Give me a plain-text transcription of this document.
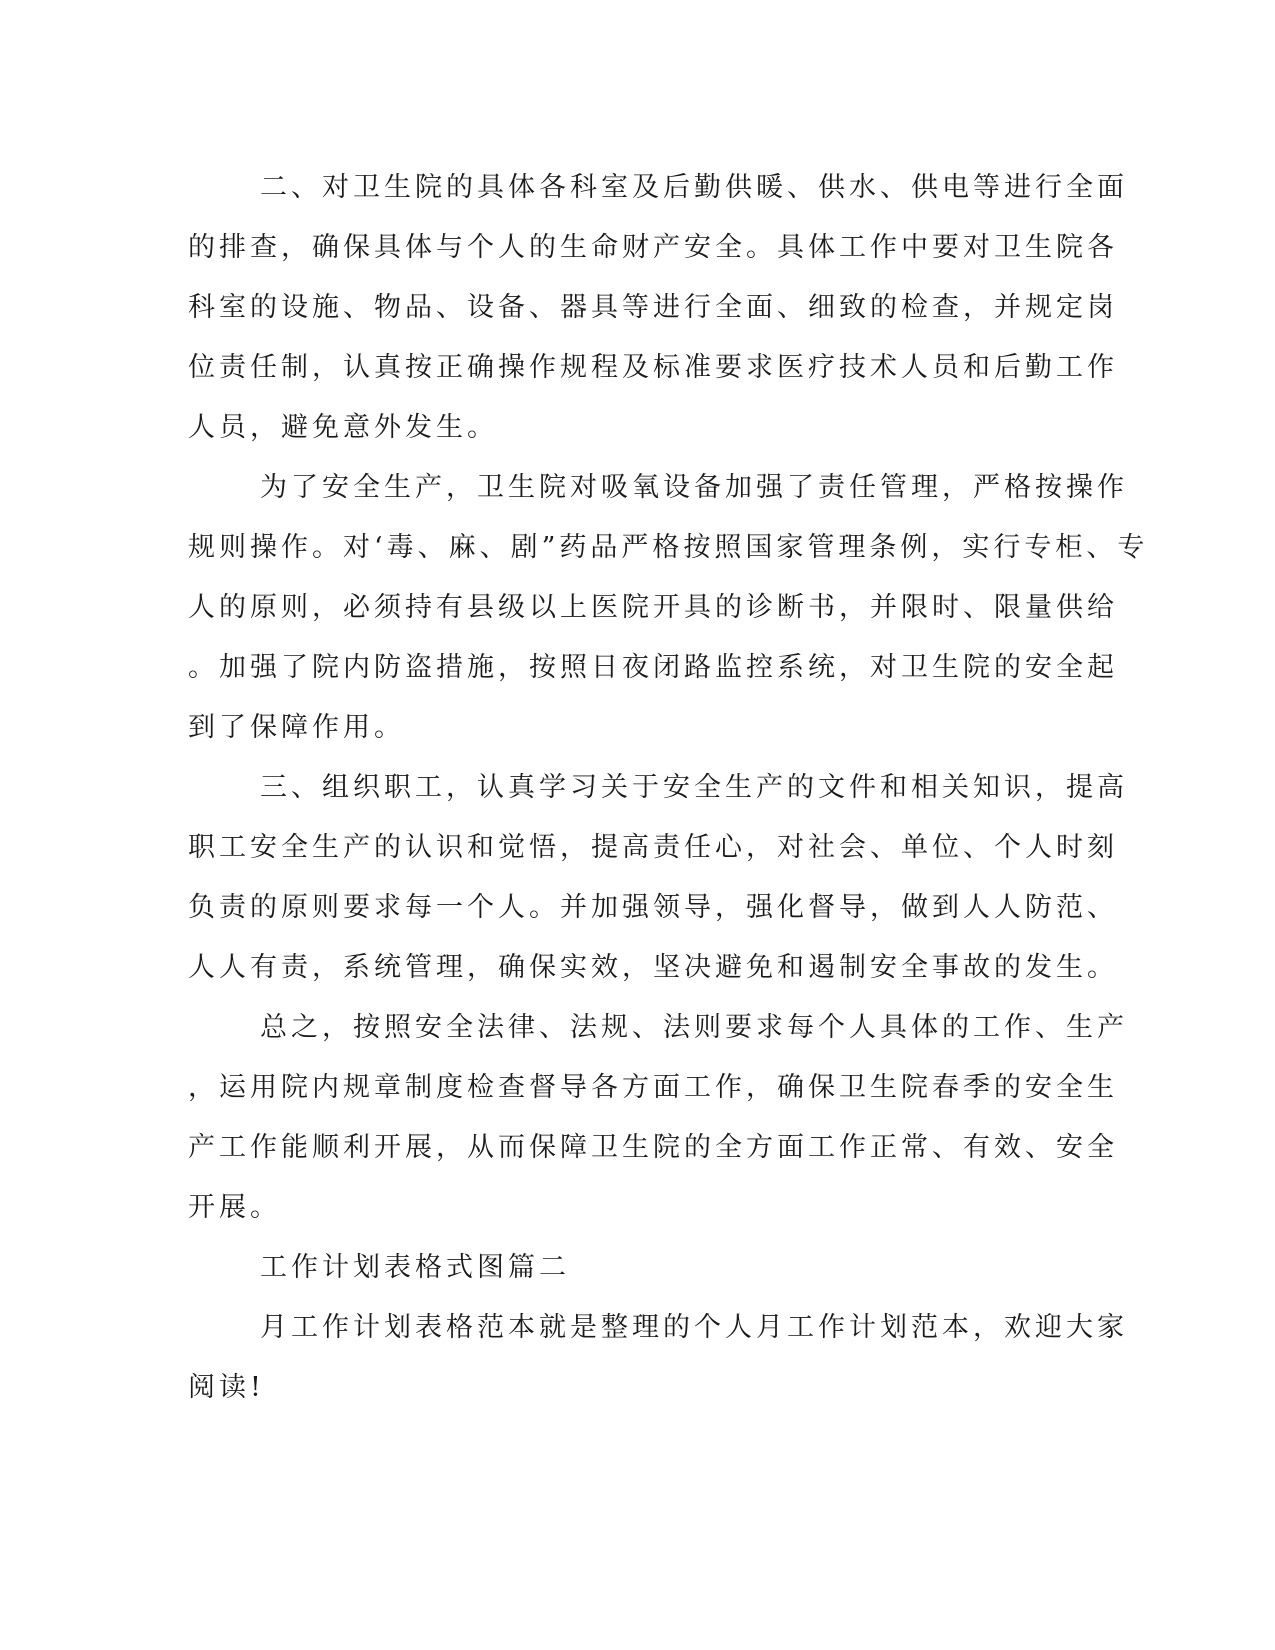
二、对卫生院的具体各科室及后勤供暖、供水、供电等进行全面
的排查，确保具体与个人的生命财产安全。具体工作中要对卫生院各
科室的设施、物品、设备、器具等进行全面、细致的检查，并规定岗
位责任制，认真按正确操作规程及标准要求医疗技术人员和后勤工作
人员，避免意外发生。
为了安全生产，卫生院对吸氧设备加强了责任管理，严格按操作
规则操作。对‘毒、麻、剧”药品严格按照国家管理条例，实行专柜、专
人的原则，必须持有县级以上医院开具的诊断书，并限时、限量供给
。加强了院内防盗措施，按照日夜闭路监控系统，对卫生院的安全起
到了保障作用。
三、组织职工，认真学习关于安全生产的文件和相关知识，提高
职工安全生产的认识和觉悟，提高责任心，对社会、单位、个人时刻
负责的原则要求每一个人。并加强领导，强化督导，做到人人防范、
人人有责，系统管理，确保实效，坚决避免和遏制安全事故的发生。
总之，按照安全法律、法规、法则要求每个人具体的工作、生产
，运用院内规章制度检查督导各方面工作，确保卫生院春季的安全生
产工作能顺利开展，从而保障卫生院的全方面工作正常、有效、安全
开展。
工作计划表格式图篇二
月工作计划表格范本就是整理的个人月工作计划范本，欢迎大家
阅读!
